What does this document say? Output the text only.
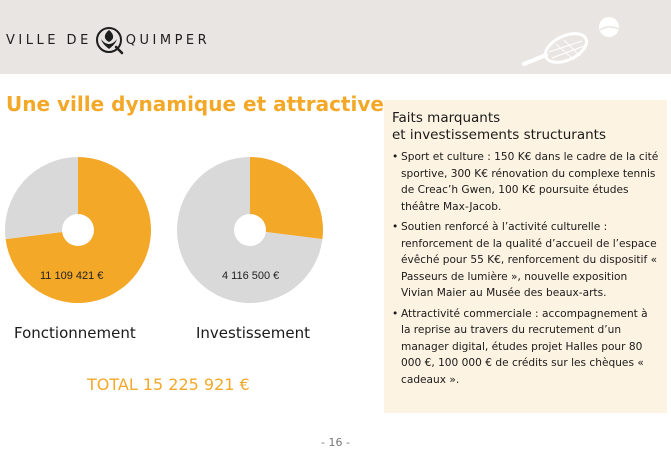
VILLE DE	QUIMPER
Une ville dynamique et attractive
11 109 421 €	4 116 500 €
Fonctionnement	Investissement
TOTAL 15 225 921 €
Faits marquants
et investissements structurants
• Sport et culture : 150 K€ dans le cadre de la cité sportive, 300 K€ rénovation du complexe tennis de Creac’h Gwen, 100 K€ poursuite études théâtre Max-Jacob.
• Soutien renforcé à l’activité culturelle : renforcement de la qualité d’accueil de l’espace évêché pour 55 K€, renforcement du dispositif « Passeurs de lumière », nouvelle exposition Vivian Maier au Musée des beaux-arts.
• Attractivité commerciale : accompagnement à la reprise au travers du recrutement d’un manager digital, études projet Halles pour 80 000 €, 100 000 € de crédits sur les chèques « cadeaux ».
- 16 -
